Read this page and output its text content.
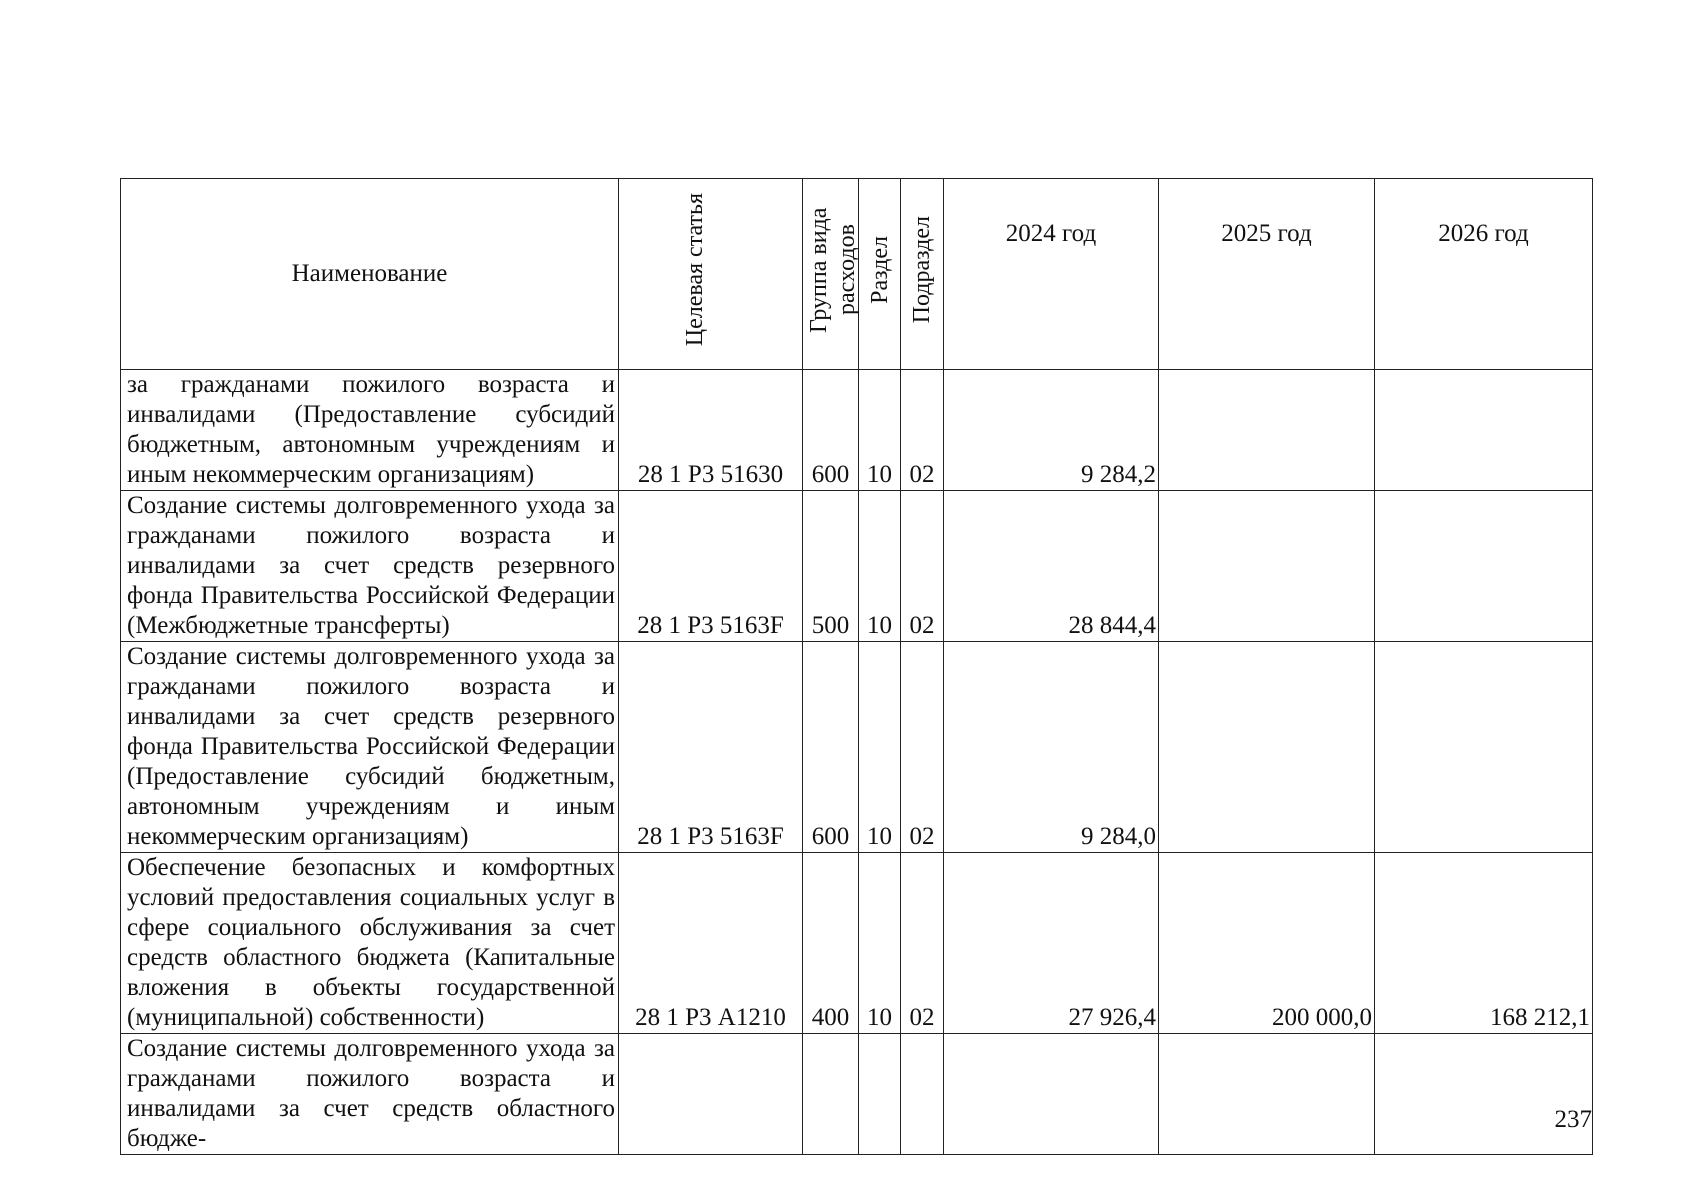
Наименование	Целевая статья	Группа вида расходов	Раздел	Подраздел	2024 год	2025 год	2026 год
за гражданами пожилого возраста и инвалидами (Предоставление субсидий бюджетным, автономным учреждениям и иным некоммерческим организациям)	28 1 Р3 51630	600	10	02	9 284,2		
Создание системы долговременного ухода за гражданами пожилого возраста и инвалидами за счет средств резервного фонда Правительства Российской Федерации (Межбюджетные трансферты)	28 1 Р3 5163F	500	10	02	28 844,4		
Создание системы долговременного ухода за гражданами пожилого возраста и инвалидами за счет средств резервного фонда Правительства Российской Федерации (Предоставление субсидий бюджетным, автономным учреждениям и иным некоммерческим организациям)	28 1 Р3 5163F	600	10	02	9 284,0		
Обеспечение безопасных и комфортных условий предоставления социальных услуг в сфере социального обслуживания за счет средств областного бюджета (Капитальные вложения в объекты государственной (муниципальной) собственности)	28 1 Р3 А1210	400	10	02	27 926,4	200 000,0	168 212,1
Создание системы долговременного ухода за гражданами пожилого возраста и инвалидами за счет средств областного бюдже-							
237
